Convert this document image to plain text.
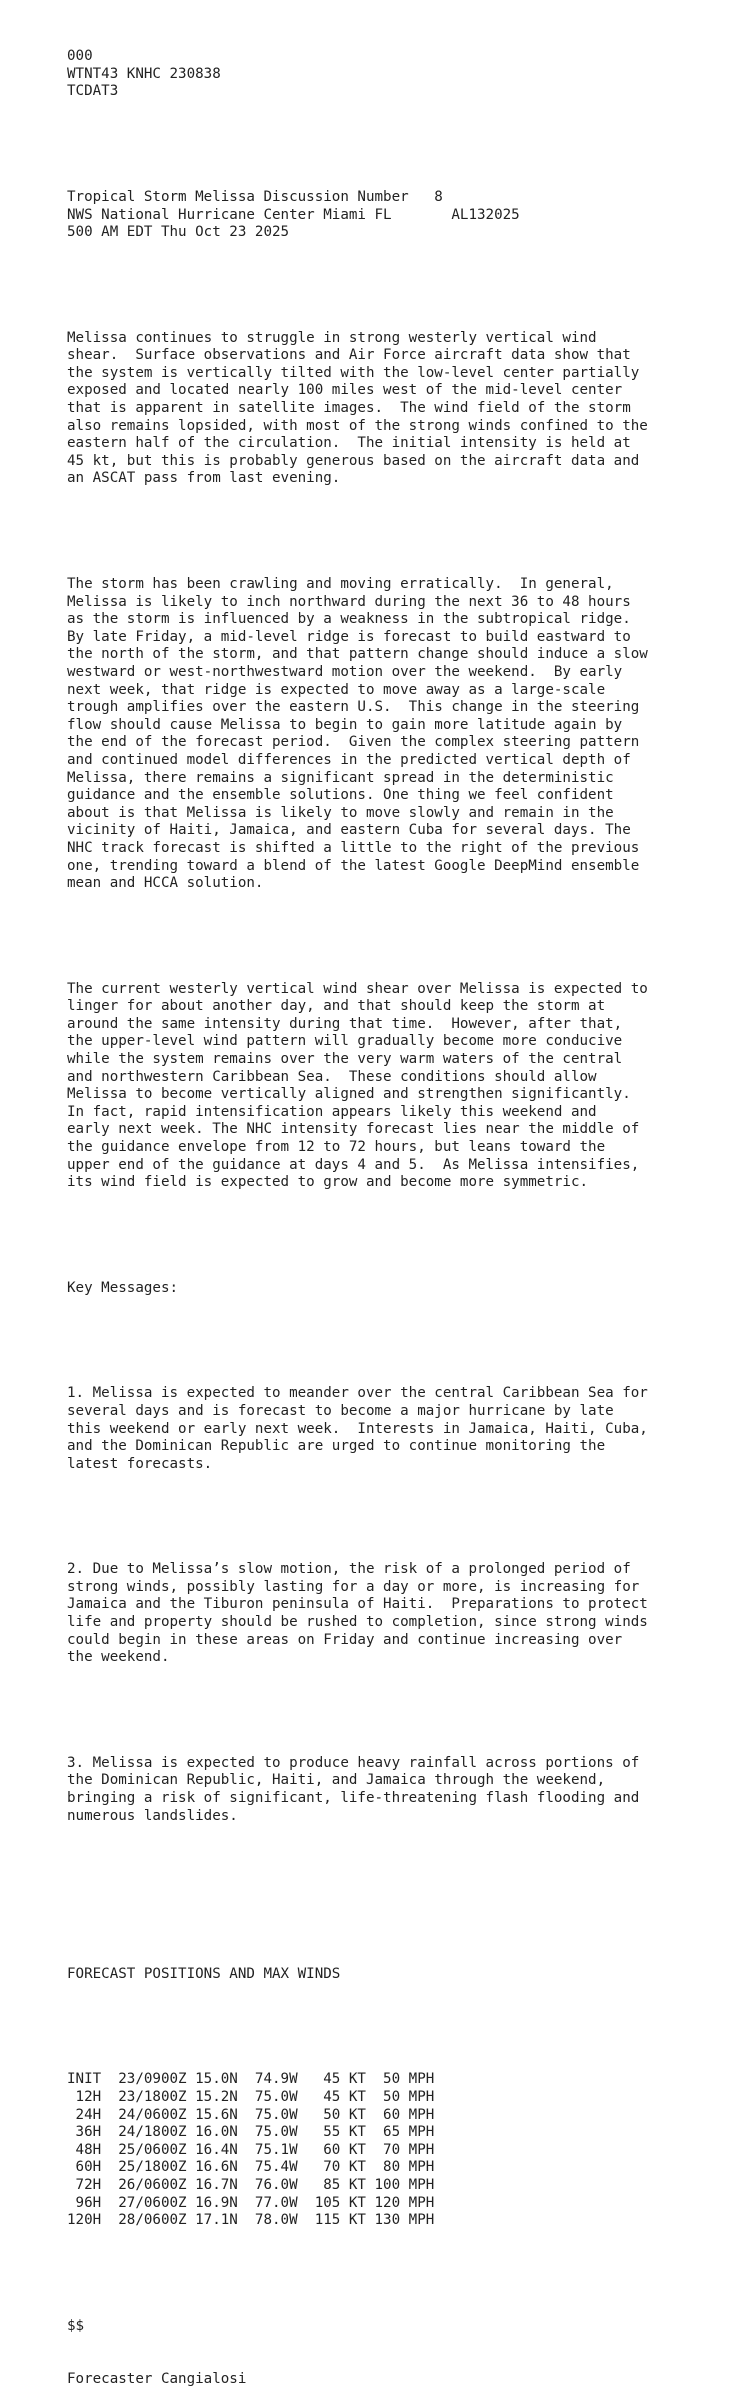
000
WTNT43 KNHC 230838
TCDAT3

Tropical Storm Melissa Discussion Number   8
NWS National Hurricane Center Miami FL       AL132025
500 AM EDT Thu Oct 23 2025

Melissa continues to struggle in strong westerly vertical wind
shear.  Surface observations and Air Force aircraft data show that
the system is vertically tilted with the low-level center partially
exposed and located nearly 100 miles west of the mid-level center
that is apparent in satellite images.  The wind field of the storm
also remains lopsided, with most of the strong winds confined to the
eastern half of the circulation.  The initial intensity is held at
45 kt, but this is probably generous based on the aircraft data and
an ASCAT pass from last evening.

The storm has been crawling and moving erratically.  In general,
Melissa is likely to inch northward during the next 36 to 48 hours
as the storm is influenced by a weakness in the subtropical ridge.
By late Friday, a mid-level ridge is forecast to build eastward to
the north of the storm, and that pattern change should induce a slow
westward or west-northwestward motion over the weekend.  By early
next week, that ridge is expected to move away as a large-scale
trough amplifies over the eastern U.S.  This change in the steering
flow should cause Melissa to begin to gain more latitude again by
the end of the forecast period.  Given the complex steering pattern
and continued model differences in the predicted vertical depth of
Melissa, there remains a significant spread in the deterministic
guidance and the ensemble solutions. One thing we feel confident
about is that Melissa is likely to move slowly and remain in the
vicinity of Haiti, Jamaica, and eastern Cuba for several days. The
NHC track forecast is shifted a little to the right of the previous
one, trending toward a blend of the latest Google DeepMind ensemble
mean and HCCA solution.

The current westerly vertical wind shear over Melissa is expected to
linger for about another day, and that should keep the storm at
around the same intensity during that time.  However, after that,
the upper-level wind pattern will gradually become more conducive
while the system remains over the very warm waters of the central
and northwestern Caribbean Sea.  These conditions should allow
Melissa to become vertically aligned and strengthen significantly.
In fact, rapid intensification appears likely this weekend and
early next week. The NHC intensity forecast lies near the middle of
the guidance envelope from 12 to 72 hours, but leans toward the
upper end of the guidance at days 4 and 5.  As Melissa intensifies,
its wind field is expected to grow and become more symmetric.

Key Messages:

1. Melissa is expected to meander over the central Caribbean Sea for
several days and is forecast to become a major hurricane by late
this weekend or early next week.  Interests in Jamaica, Haiti, Cuba,
and the Dominican Republic are urged to continue monitoring the
latest forecasts.

2. Due to Melissa’s slow motion, the risk of a prolonged period of
strong winds, possibly lasting for a day or more, is increasing for
Jamaica and the Tiburon peninsula of Haiti.  Preparations to protect
life and property should be rushed to completion, since strong winds
could begin in these areas on Friday and continue increasing over
the weekend.

3. Melissa is expected to produce heavy rainfall across portions of
the Dominican Republic, Haiti, and Jamaica through the weekend,
bringing a risk of significant, life-threatening flash flooding and
numerous landslides.

FORECAST POSITIONS AND MAX WINDS

INIT  23/0900Z 15.0N  74.9W   45 KT  50 MPH
12H  23/1800Z 15.2N  75.0W   45 KT  50 MPH
24H  24/0600Z 15.6N  75.0W   50 KT  60 MPH
36H  24/1800Z 16.0N  75.0W   55 KT  65 MPH
48H  25/0600Z 16.4N  75.1W   60 KT  70 MPH
60H  25/1800Z 16.6N  75.4W   70 KT  80 MPH
72H  26/0600Z 16.7N  76.0W   85 KT 100 MPH
96H  27/0600Z 16.9N  77.0W  105 KT 120 MPH
120H  28/0600Z 17.1N  78.0W  115 KT 130 MPH

$$

Forecaster Cangialosi
